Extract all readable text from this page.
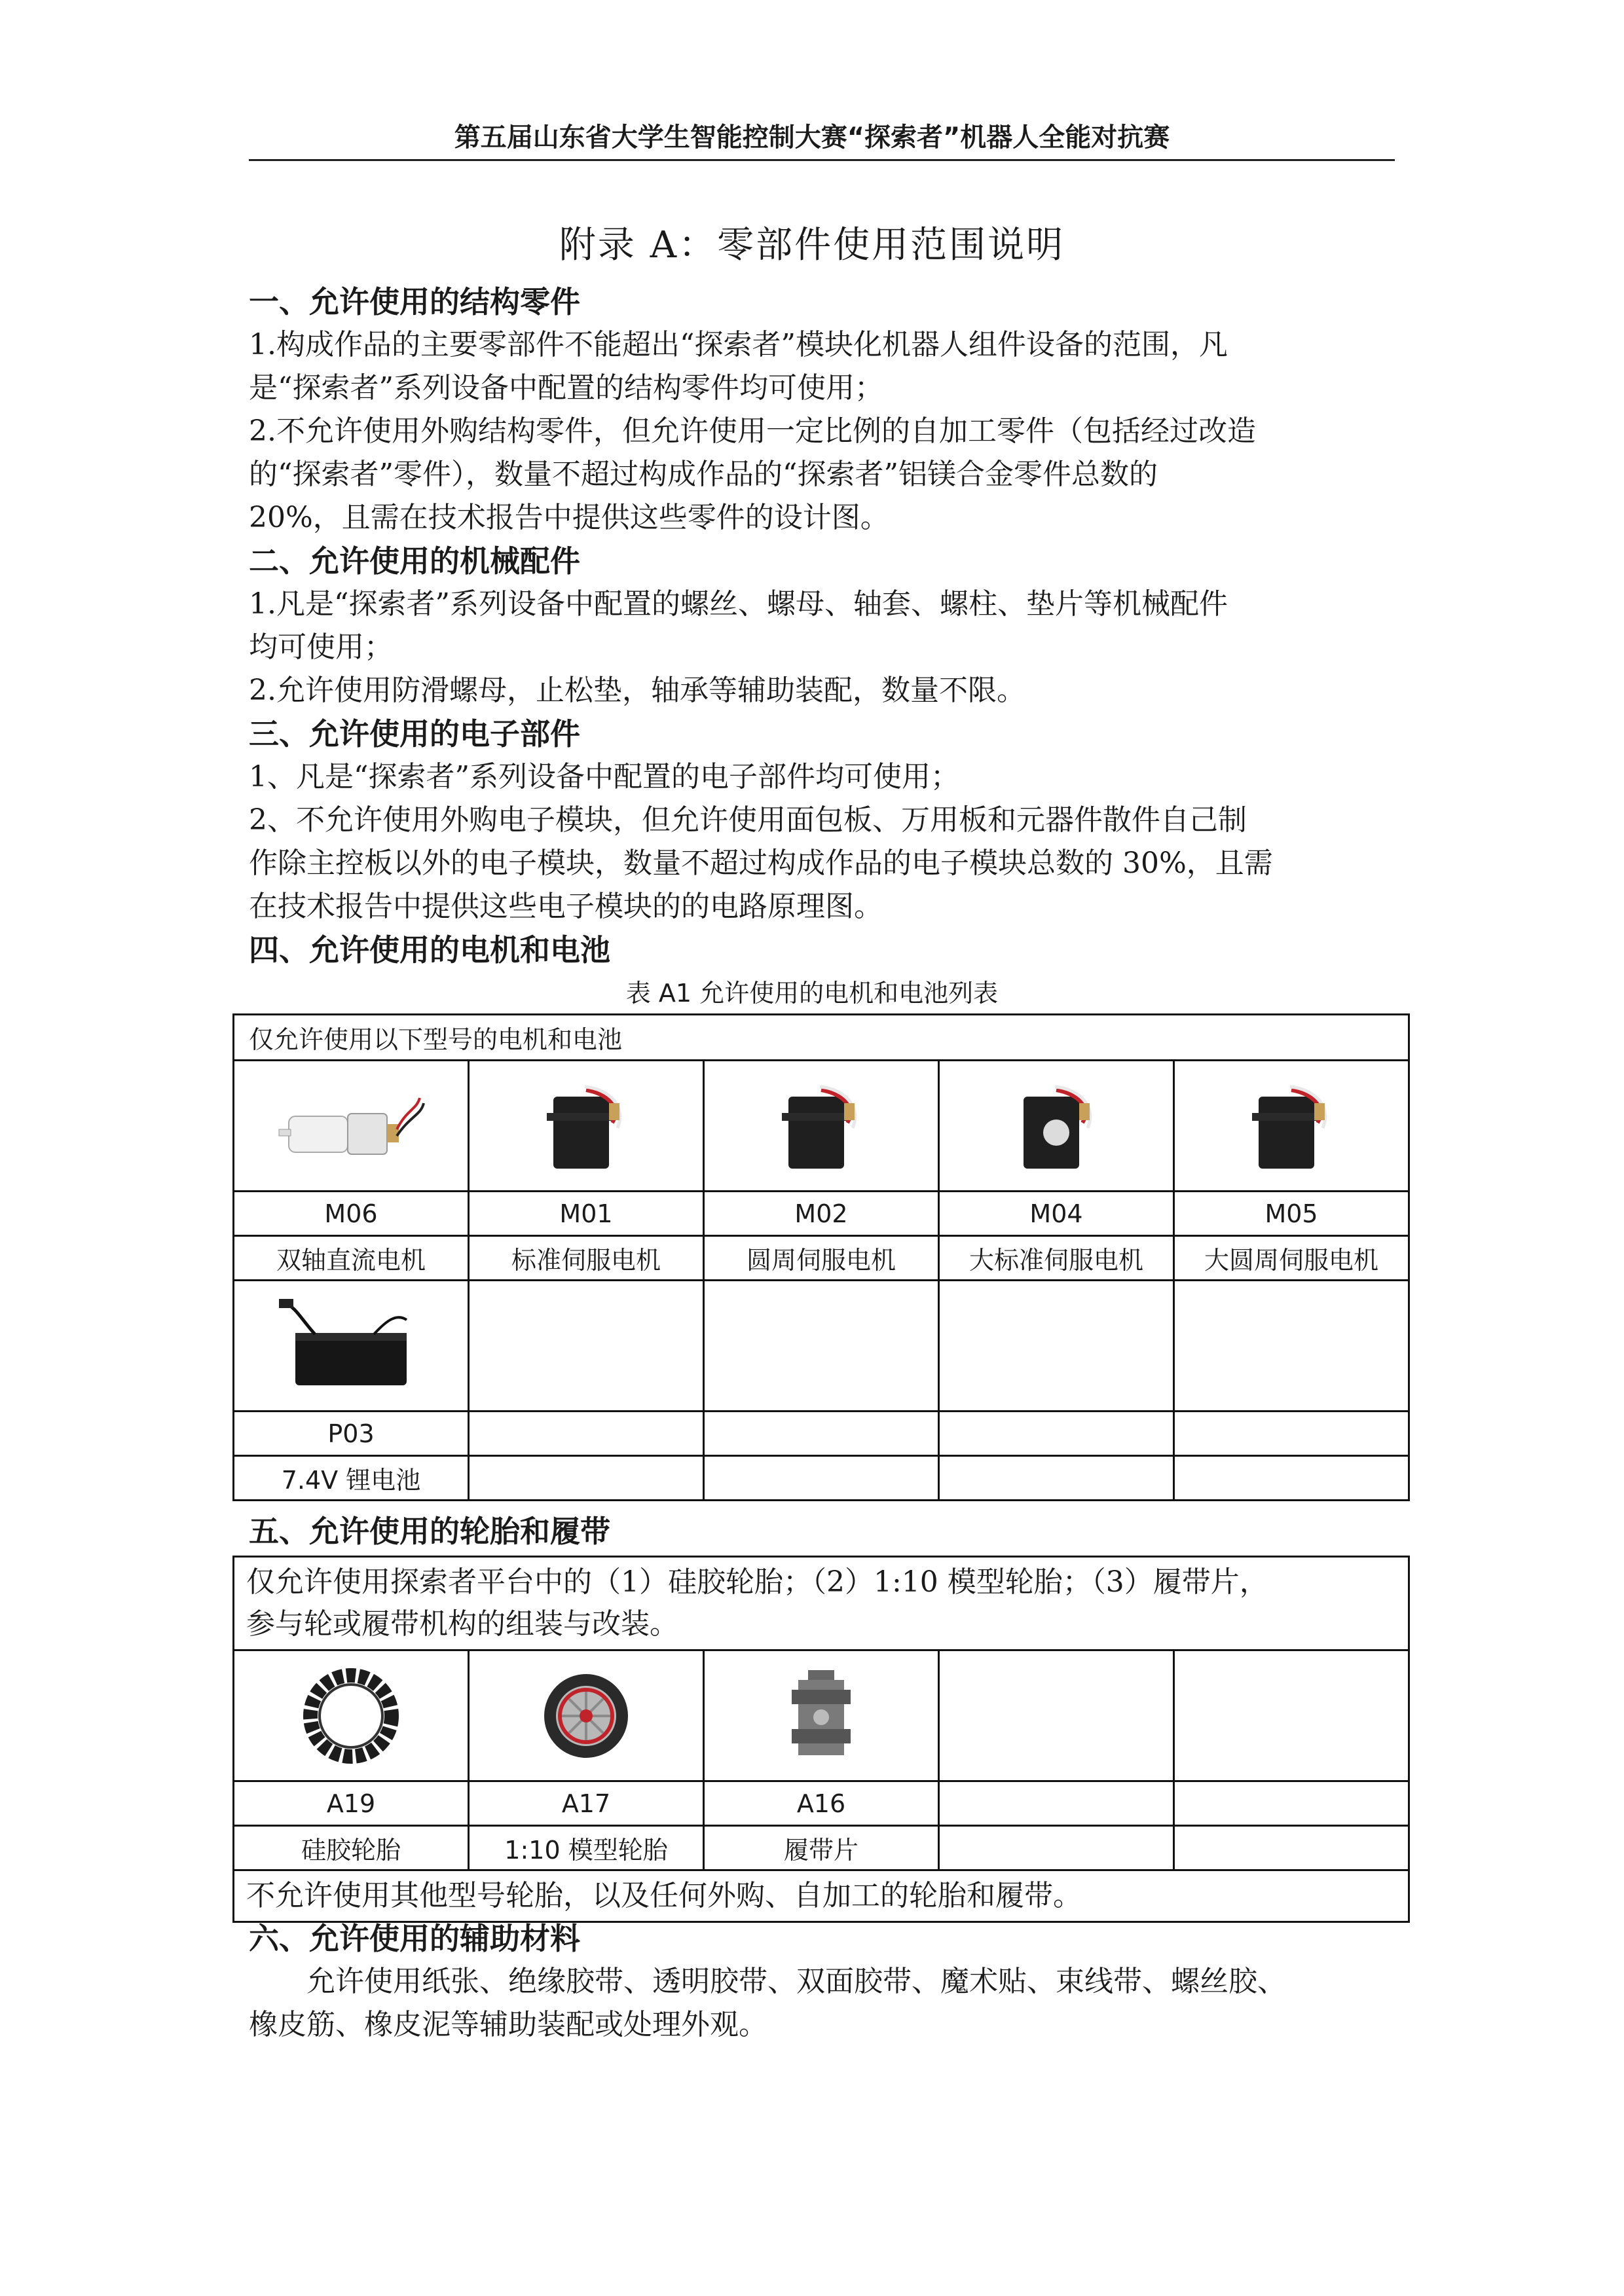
第五届山东省大学生智能控制大赛“探索者”机器人全能对抗赛
附录 A：零部件使用范围说明
一、允许使用的结构零件
1.构成作品的主要零部件不能超出“探索者”模块化机器人组件设备的范围，凡
是“探索者”系列设备中配置的结构零件均可使用；
2.不允许使用外购结构零件，但允许使用一定比例的自加工零件（包括经过改造
的“探索者”零件），数量不超过构成作品的“探索者”铝镁合金零件总数的
20%，且需在技术报告中提供这些零件的设计图。
二、允许使用的机械配件
1.凡是“探索者”系列设备中配置的螺丝、螺母、轴套、螺柱、垫片等机械配件
均可使用；
2.允许使用防滑螺母，止松垫，轴承等辅助装配，数量不限。
三、允许使用的电子部件
1、凡是“探索者”系列设备中配置的电子部件均可使用；
2、不允许使用外购电子模块，但允许使用面包板、万用板和元器件散件自己制
作除主控板以外的电子模块，数量不超过构成作品的电子模块总数的 30%，且需
在技术报告中提供这些电子模块的的电路原理图。
四、允许使用的电机和电池
表 A1 允许使用的电机和电池列表
仅允许使用以下型号的电机和电池				

M06	M01	M02	M04	M05
双轴直流电机	标准伺服电机	圆周伺服电机	大标准伺服电机	大圆周伺服电机

P03				
7.4V 锂电池				
五、允许使用的轮胎和履带
仅允许使用探索者平台中的（1）硅胶轮胎；（2）1:10 模型轮胎；（3）履带片，
参与轮或履带机构的组装与改装。				

A19	A17	A16		
硅胶轮胎	1:10 模型轮胎	履带片		
不允许使用其他型号轮胎，以及任何外购、自加工的轮胎和履带。				
六、允许使用的辅助材料
允许使用纸张、绝缘胶带、透明胶带、双面胶带、魔术贴、束线带、螺丝胶、
橡皮筋、橡皮泥等辅助装配或处理外观。
